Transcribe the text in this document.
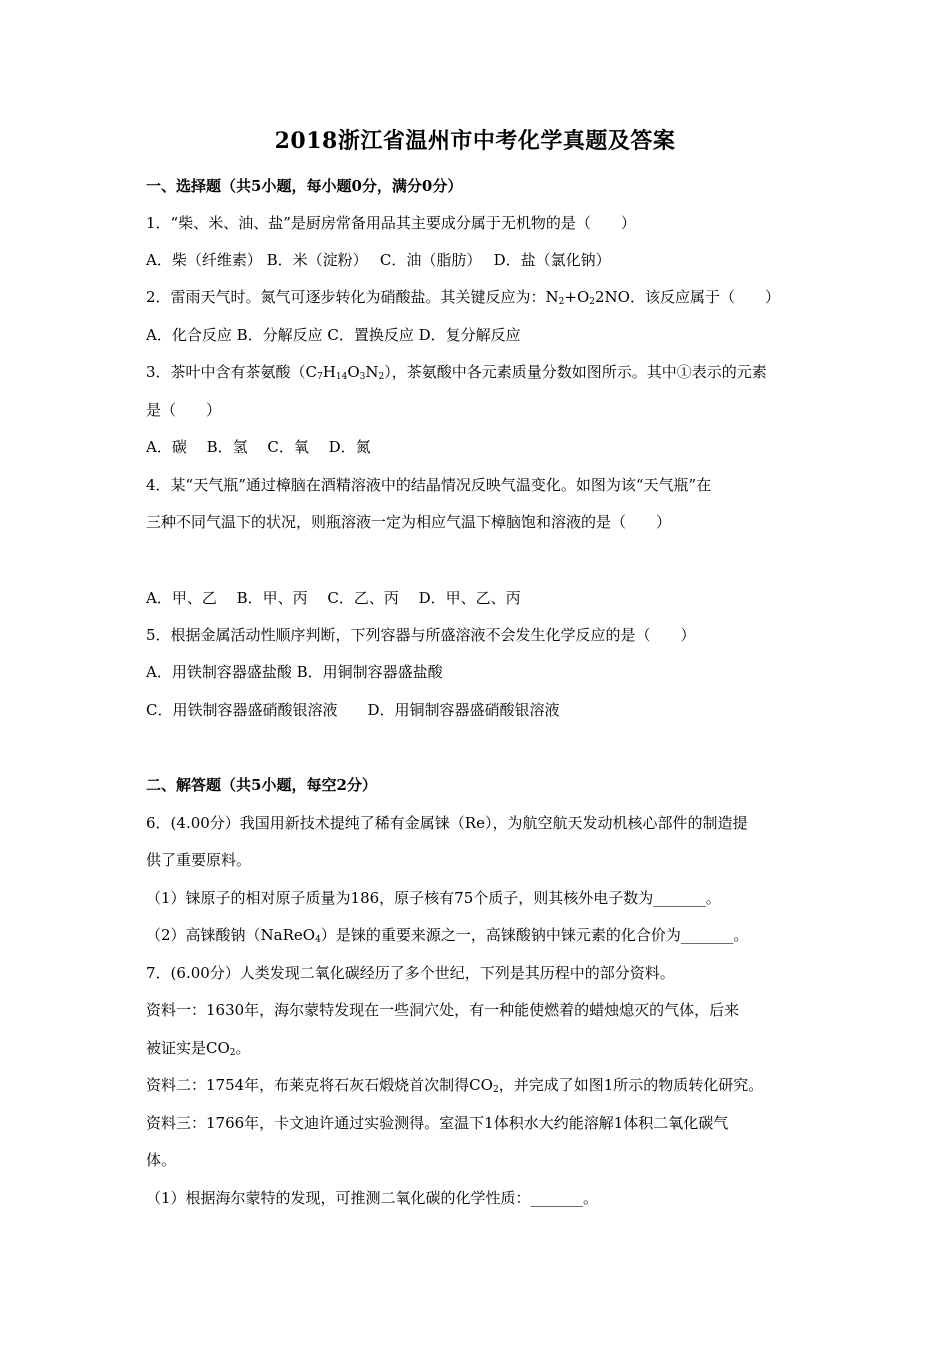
2018浙江省温州市中考化学真题及答案
一、选择题（共5小题，每小题0分，满分0分）
1．“柴、米、油、盐”是厨房常备用品其主要成分属于无机物的是（　　）
A．柴（纤维素） B．米（淀粉）　 C．油（脂肪）　 D．盐（氯化钠）
2．雷雨天气时。氮气可逐步转化为硝酸盐。其关键反应为：$N_2+O_22NO$．该反应属于（　　）
A．化合反应 B．分解反应 C．置换反应 D．复分解反应
3．茶叶中含有茶氨酸$(C_7H_{14}O_3N_2)$，茶氨酸中各元素质量分数如图所示。其中①表示的元素
是（　　）
A．碳　 B．氢　 C．氧　 D．氮
4．某“天气瓶”通过樟脑在酒精溶液中的结晶情况反映气温变化。如图为该“天气瓶”在
三种不同气温下的状况，则瓶溶液一定为相应气温下樟脑饱和溶液的是（　　）
A．甲、乙　 B．甲、丙　 C．乙、丙　 D．甲、乙、丙
5．根据金属活动性顺序判断，下列容器与所盛溶液不会发生化学反应的是（　　）
A．用铁制容器盛盐酸 B．用铜制容器盛盐酸
C．用铁制容器盛硝酸银溶液　　D．用铜制容器盛硝酸银溶液
二、解答题（共5小题，每空2分）
6．(4.00分）我国用新技术提纯了稀有金属铼（Re），为航空航天发动机核心部件的制造提
供了重要原料。
（1）铼原子的相对原子质量为186，原子核有75个质子，则其核外电子数为_______。
（2）高铼酸钠（NaReO$_4$）是铼的重要来源之一，高铼酸钠中铼元素的化合价为_______。
7．(6.00分）人类发现二氧化碳经历了多个世纪，下列是其历程中的部分资料。
资料一：1630年，海尔蒙特发现在一些洞穴处，有一种能使燃着的蜡烛熄灭的气体，后来
被证实是$CO_2$。
资料二：1754年，布莱克将石灰石煅烧首次制得$CO_2$，并完成了如图1所示的物质转化研究。
资料三：1766年，卡文迪许通过实验测得。室温下1体积水大约能溶解1体积二氧化碳气
体。
（1）根据海尔蒙特的发现，可推测二氧化碳的化学性质：_______。
